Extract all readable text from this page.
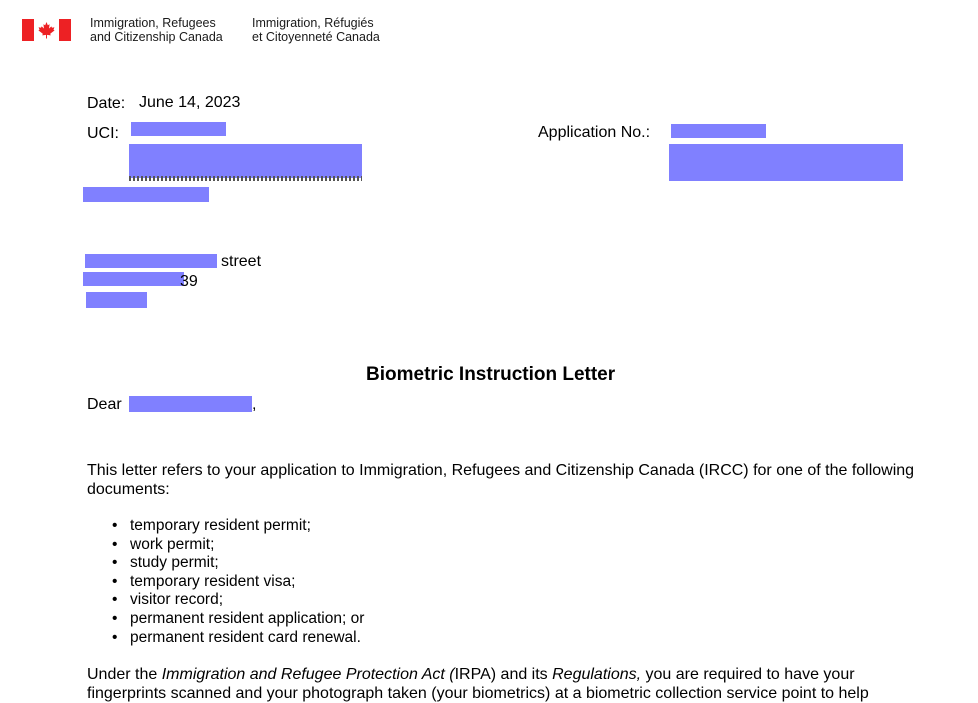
Immigration, Refugees
and Citizenship Canada
Immigration, Réfugiés
et Citoyenneté Canada
Date: June 14, 2023
UCI:	Application No.:
street
39
Biometric Instruction Letter
Dear	,
This letter refers to your application to Immigration, Refugees and Citizenship Canada (IRCC) for one of the following documents:
• temporary resident permit;
• work permit;
• study permit;
• temporary resident visa;
• visitor record;
• permanent resident application; or
• permanent resident card renewal.
Under the Immigration and Refugee Protection Act (IRPA) and its Regulations, you are required to have your fingerprints scanned and your photograph taken (your biometrics) at a biometric collection service point to help
